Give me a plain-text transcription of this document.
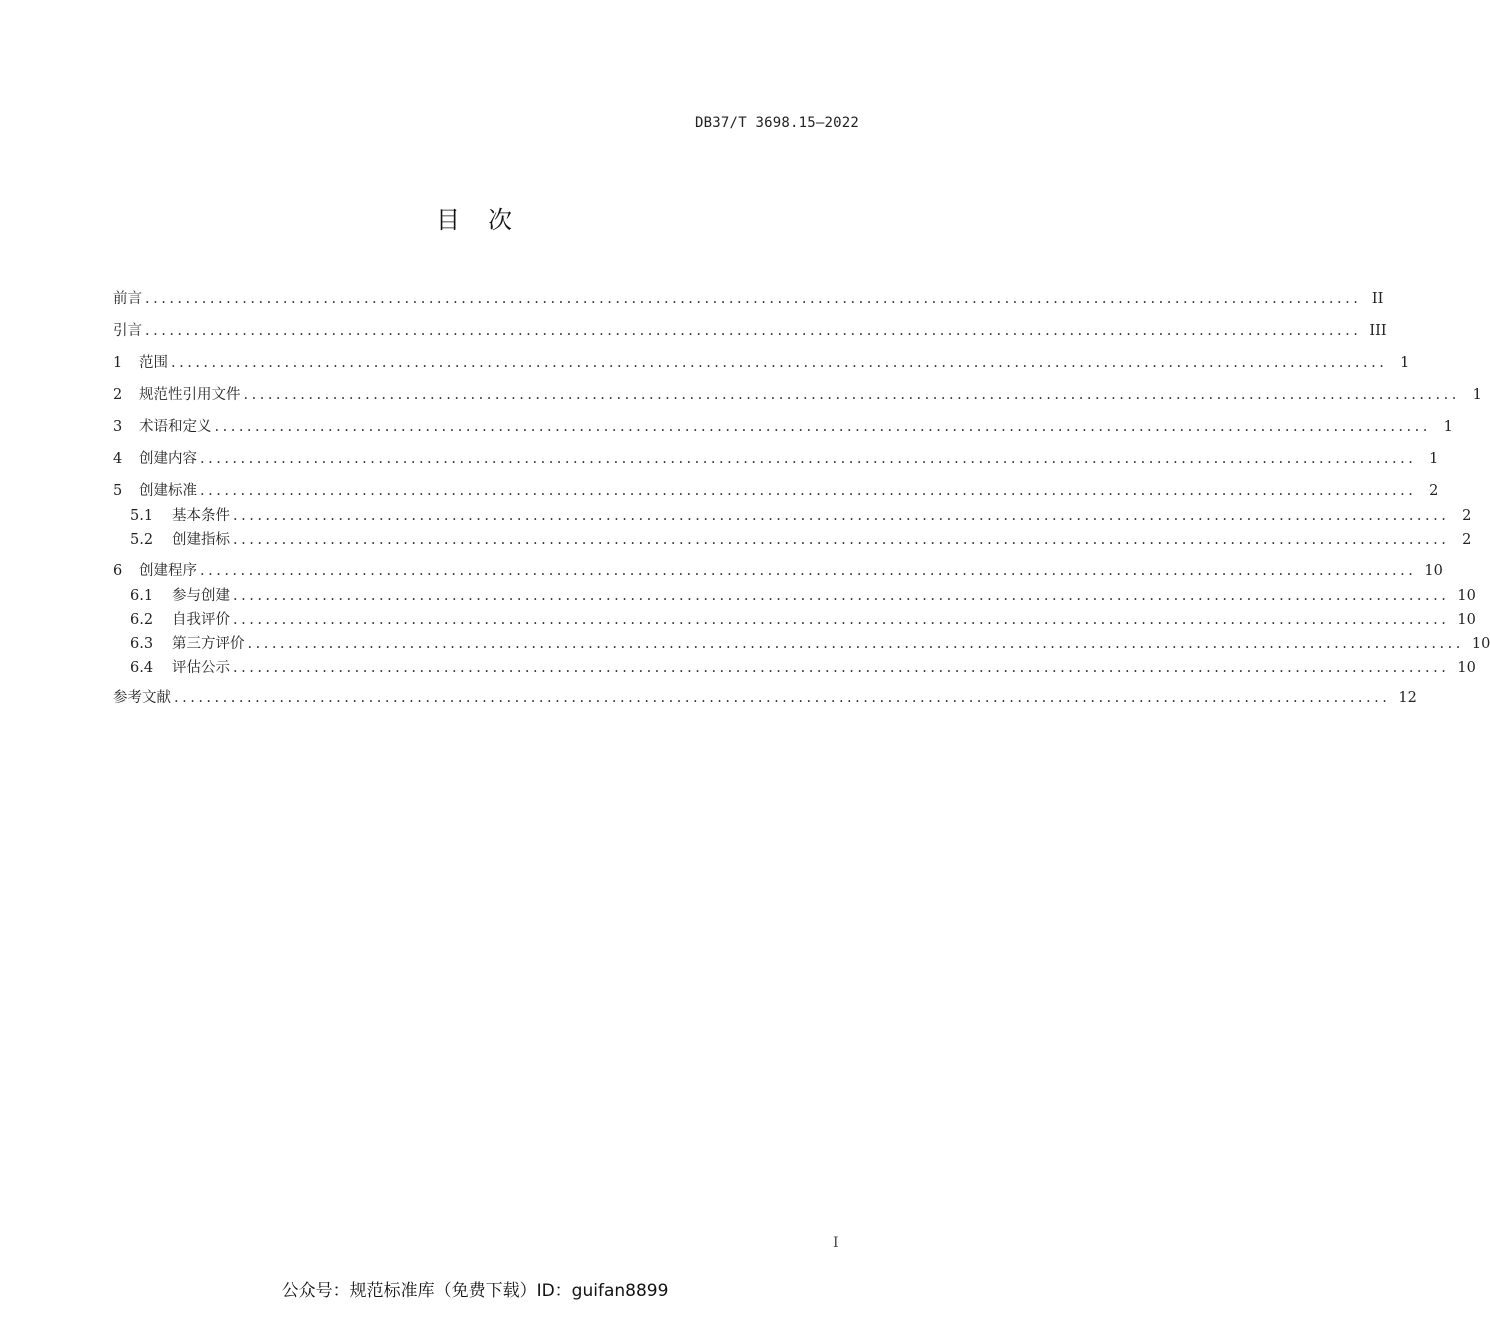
DB37/T 3698.15—2022
目　次
前言 ...................................................................................................................................................... II
引言 ...................................................................................................................................................... III
1	范围 ...................................................................................................................................................... 1
2	规范性引用文件 ...................................................................................................................................................... 1
3	术语和定义 ...................................................................................................................................................... 1
4	创建内容 ...................................................................................................................................................... 1
5	创建标准 ...................................................................................................................................................... 2
5.1	基本条件 ...................................................................................................................................................... 2
5.2	创建指标 ...................................................................................................................................................... 2
6	创建程序 ...................................................................................................................................................... 10
6.1	参与创建 ...................................................................................................................................................... 10
6.2	自我评价 ...................................................................................................................................................... 10
6.3	第三方评价 ...................................................................................................................................................... 10
6.4	评估公示 ...................................................................................................................................................... 10
参考文献 ...................................................................................................................................................... 12
I
公众号：规范标准库（免费下载）ID：guifan8899
